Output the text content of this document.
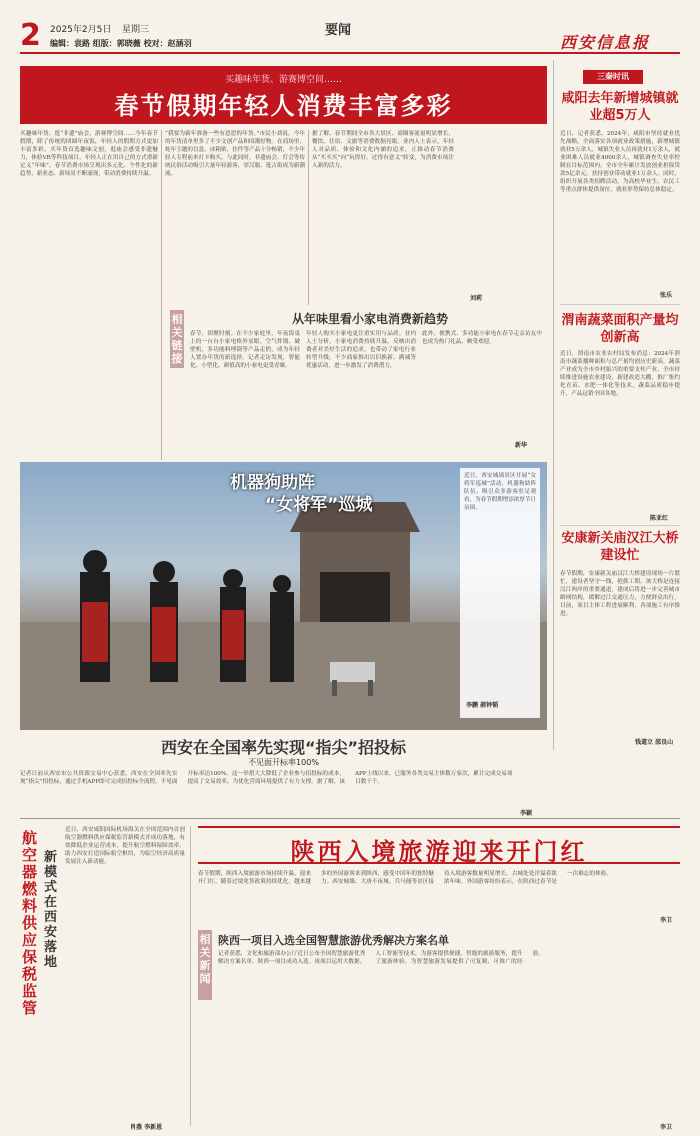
2 2025年2月5日 星期三
编辑：袁路 组版：郭晓薇 校对：赵涵羽
要闻
西安信息报
买趣味年货、游赛博空间……
春节假期年轻人消费丰富多彩
买趣味年货、逛“非遗”庙会、游赛博空间……今年春节假期，除了传统的团圆年夜饭，年轻人的假期方式更加丰富多彩。买年货首选趣味文创，逛庙会感受非遗魅力，体验VR等科技项目，年轻人正在用自己的方式重新定义“年味”。春节消费市场呈现出多元化、个性化的新趋势，新业态、新场景不断涌现，带动消费持续升温。
“我要为新年准备一些有意思的年货。”市民小刘说，今年的年货清单里多了不少文创产品和国潮好物。在商场里，蛇年主题的盲盒、冰箱贴、挂件等产品十分畅销，不少年轻人专程前来打卡购买。与此同时，非遗庙会、灯会等传统民俗活动吸引大量年轻游客，穿汉服、逛古街成为新潮流。
据了解，春节期间全市各大景区、商圈客流量明显增长，餐饮、住宿、文旅等消费数据亮眼。业内人士表示，年轻人对品质、体验和文化内涵的追求，正推动春节消费从“买买买”向“玩得好、过得有意义”转变，为消费市场注入新的活力。
刘莉
相关链接
从年味里看小家电消费新趋势
春节，团聚时刻。在不少家庭里，年夜饭桌上的一台台小家电格外显眼。空气炸锅、破壁机、多功能料理锅等产品走俏，成为年轻人置办年货的新选择。记者走访发现，智能化、小型化、颜值高的小家电更受青睐。
年轻人购买小家电更注重实用与品质。业内人士分析，小家电消费持续升温，反映出消费者对美好生活的追求，也带动了家电行业转型升级。不少商家推出以旧换新、满减等优惠活动，进一步激发了消费潜力。
此外，便携式、多功能小家电在春节走亲访友中也成为热门礼品，颇受欢迎。
新华
三秦时讯
咸阳去年新增城镇就业超5万人
近日，记者获悉，2024年，咸阳市坚持就业优先战略，全面落实各项就业政策措施，新增城镇就业5万余人，城镇失业人员再就业1万余人，就业困难人员就业4000余人，城镇调查失业率控制在目标范围内。全市全年累计发放创业担保贷款5亿余元，扶持创业带动就业1万余人。同时，组织开展各类招聘活动，为高校毕业生、农民工等重点群体提供岗位，就业形势保持总体稳定。
张乐
渭南蔬菜面积产量均创新高
近日，渭南市农业农村局发布消息：2024年渭南市蔬菜播种面积与总产量均创历史新高，蔬菜产业成为全市乡村振兴的重要支柱产业。全市持续推进设施农业建设，新建改造大棚，推广集约化育苗、水肥一体化等技术，蔬菜品质稳步提升，产品远销全国各地。
陈亚红
安康新关庙汉江大桥建设忙
春节假期，安康新关庙汉江大桥建设现场一片繁忙，建设者坚守一线，抢抓工期。该大桥是连接汉江两岸的重要通道，建成后将进一步完善城市路网结构，缓解过江交通压力，方便群众出行。目前，项目主体工程进展顺利，各项施工有序推进。
钱道立 邵良山
机器狗助阵
“女将军”巡城
近日，西安城墙景区开展“女将军巡城”活动，机器狗助阵队伍，吸引众多游客驻足观看，为春节假期增添浓厚节日氛围。
李鹏 郝钟韬
西安在全国率先实现“指尖”招投标
不见面开标率100%
记者日前从西安市公共资源交易中心获悉，西安在全国率先实现“指尖”招投标，通过手机APP即可完成招投标全流程，不见面开标率达100%。这一举措大大降低了企业参与招投标的成本，提高了交易效率，为优化营商环境提供了有力支撑。据了解，该APP上线以来，已服务各类交易主体数万家次，累计完成交易项目数千个。
李颖
航空器燃料供应保税监管
新模式在西安落地
近日，西安咸阳国际机场海关在全国范围内首创航空器燃料供应保税监管新模式并成功落地，有效降低企业运营成本，提升航空燃料保障效率，助力西安打造国际航空枢纽，为临空经济高质量发展注入新动能。
肖燕 李新恩
陕西入境旅游迎来开门红
春节假期，陕西入境旅游市场持续升温，迎来开门红。随着过境免签政策持续优化，越来越多的外国游客来到陕西，感受中国年的独特魅力。西安城墙、大唐不夜城、兵马俑等景区接待入境游客数量明显增长，古城处处洋溢着浓浓年味。外国游客纷纷表示，在陕西过春节是一次难忘的体验。
李卫
相关新闻
陕西一项目入选全国智慧旅游优秀解决方案名单
记者获悉，文化和旅游部办公厅近日公布全国智慧旅游优秀解决方案名单，陕西一项目成功入选。该项目运用大数据、人工智能等技术，为游客提供便捷、智能的旅游服务，提升了旅游体验，为智慧旅游发展提供了可复制、可推广的经验。
李卫
